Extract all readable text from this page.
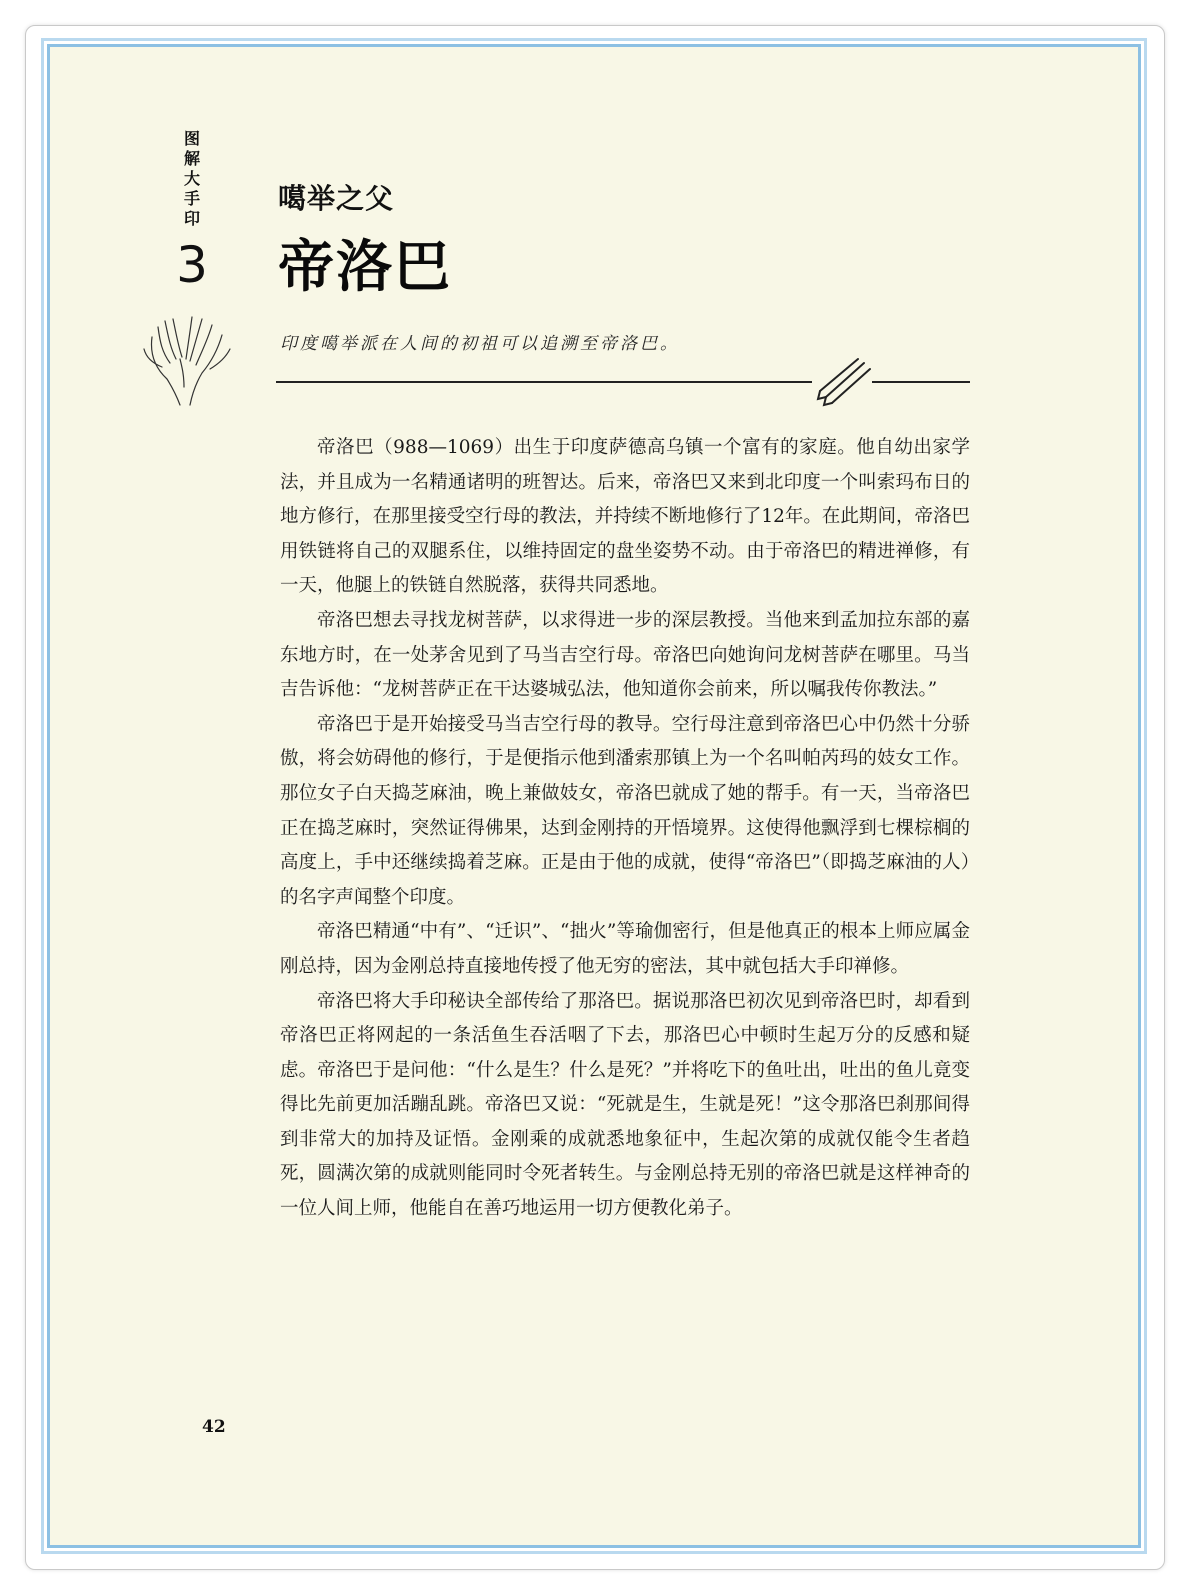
图解大手印
3
噶举之父
帝洛巴
印度噶举派在人间的初祖可以追溯至帝洛巴。

帝洛巴（988—1069）出生于印度萨德高乌镇一个富有的家庭。他自幼出家学法，并且成为一名精通诸明的班智达。后来，帝洛巴又来到北印度一个叫索玛布日的地方修行，在那里接受空行母的教法，并持续不断地修行了12年。在此期间，帝洛巴用铁链将自己的双腿系住，以维持固定的盘坐姿势不动。由于帝洛巴的精进禅修，有一天，他腿上的铁链自然脱落，获得共同悉地。

帝洛巴想去寻找龙树菩萨，以求得进一步的深层教授。当他来到孟加拉东部的嘉东地方时，在一处茅舍见到了马当吉空行母。帝洛巴向她询问龙树菩萨在哪里。马当吉告诉他：“龙树菩萨正在干达婆城弘法，他知道你会前来，所以嘱我传你教法。”

帝洛巴于是开始接受马当吉空行母的教导。空行母注意到帝洛巴心中仍然十分骄傲，将会妨碍他的修行，于是便指示他到潘索那镇上为一个名叫帕芮玛的妓女工作。那位女子白天捣芝麻油，晚上兼做妓女，帝洛巴就成了她的帮手。有一天，当帝洛巴正在捣芝麻时，突然证得佛果，达到金刚持的开悟境界。这使得他飘浮到七棵棕榈的高度上，手中还继续捣着芝麻。正是由于他的成就，使得“帝洛巴”（即捣芝麻油的人）的名字声闻整个印度。

帝洛巴精通“中有”、“迁识”、“拙火”等瑜伽密行，但是他真正的根本上师应属金刚总持，因为金刚总持直接地传授了他无穷的密法，其中就包括大手印禅修。

帝洛巴将大手印秘诀全部传给了那洛巴。据说那洛巴初次见到帝洛巴时，却看到帝洛巴正将网起的一条活鱼生吞活咽了下去，那洛巴心中顿时生起万分的反感和疑虑。帝洛巴于是问他：“什么是生？什么是死？”并将吃下的鱼吐出，吐出的鱼儿竟变得比先前更加活蹦乱跳。帝洛巴又说：“死就是生，生就是死！”这令那洛巴刹那间得到非常大的加持及证悟。金刚乘的成就悉地象征中，生起次第的成就仅能令生者趋死，圆满次第的成就则能同时令死者转生。与金刚总持无别的帝洛巴就是这样神奇的一位人间上师，他能自在善巧地运用一切方便教化弟子。

42
